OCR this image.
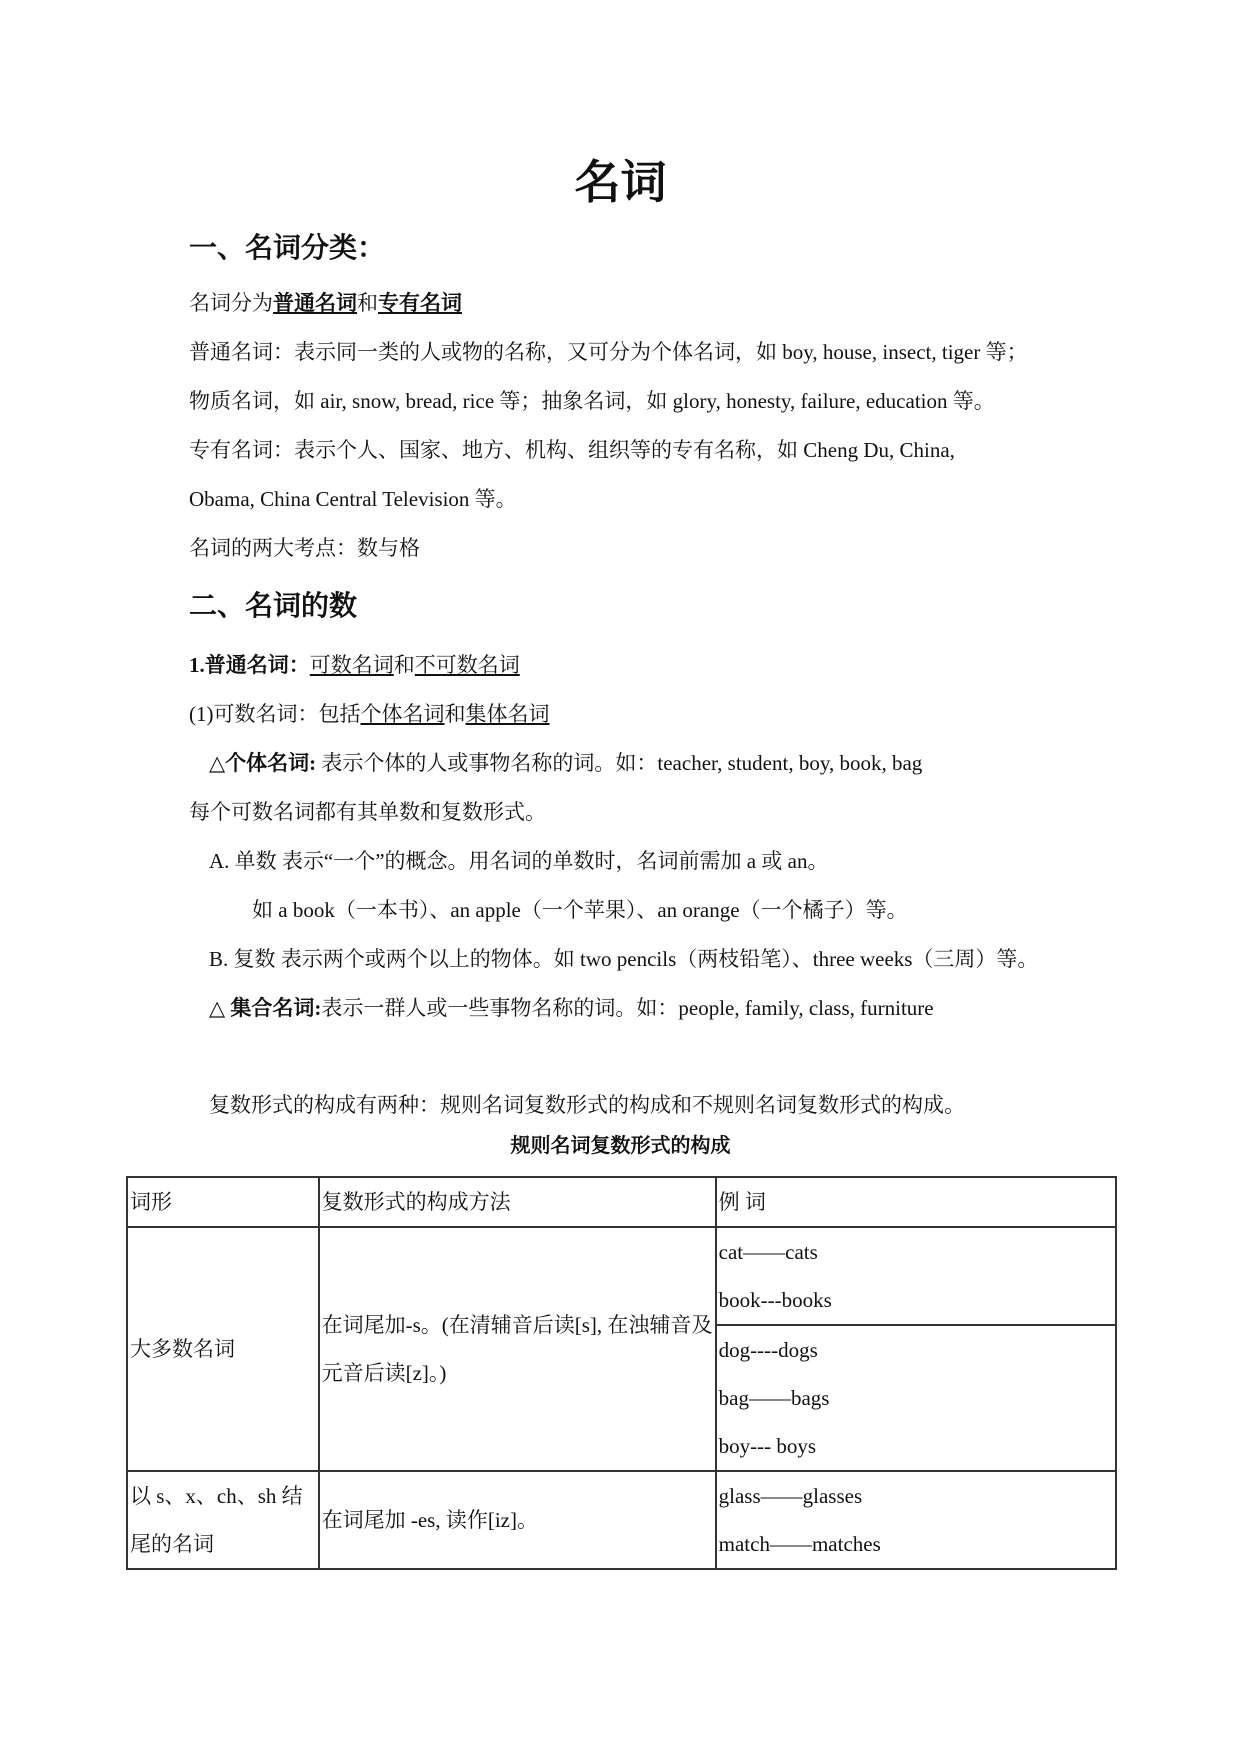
名词
一、名词分类：
名词分为普通名词和专有名词
普通名词：表示同一类的人或物的名称，又可分为个体名词，如 boy, house, insect, tiger 等；
物质名词，如 air, snow, bread, rice 等；抽象名词，如 glory, honesty, failure, education 等。
专有名词：表示个人、国家、地方、机构、组织等的专有名称，如 Cheng Du, China,
Obama, China Central Television 等。
名词的两大考点：数与格
二、名词的数
1.普通名词：可数名词和不可数名词
(1)可数名词：包括个体名词和集体名词
△个体名词: 表示个体的人或事物名称的词。如：teacher, student, boy, book, bag
每个可数名词都有其单数和复数形式。
A. 单数 表示“一个”的概念。用名词的单数时，名词前需加 a 或 an。
如 a book（一本书）、an apple（一个苹果）、an orange（一个橘子）等。
B. 复数 表示两个或两个以上的物体。如 two pencils（两枝铅笔）、three weeks（三周）等。
△ 集合名词:表示一群人或一些事物名称的词。如：people, family, class, furniture
复数形式的构成有两种：规则名词复数形式的构成和不规则名词复数形式的构成。
规则名词复数形式的构成
词形	复数形式的构成方法	例 词
大多数名词	在词尾加-s。(在清辅音后读[s], 在浊辅音及元音后读[z]。)	cat——cats
book---books

		dog----dogs
bag——bags
boy--- boys

以 s、x、ch、sh 结尾的名词	在词尾加 -es, 读作[iz]。	glass——glasses
match——matches
